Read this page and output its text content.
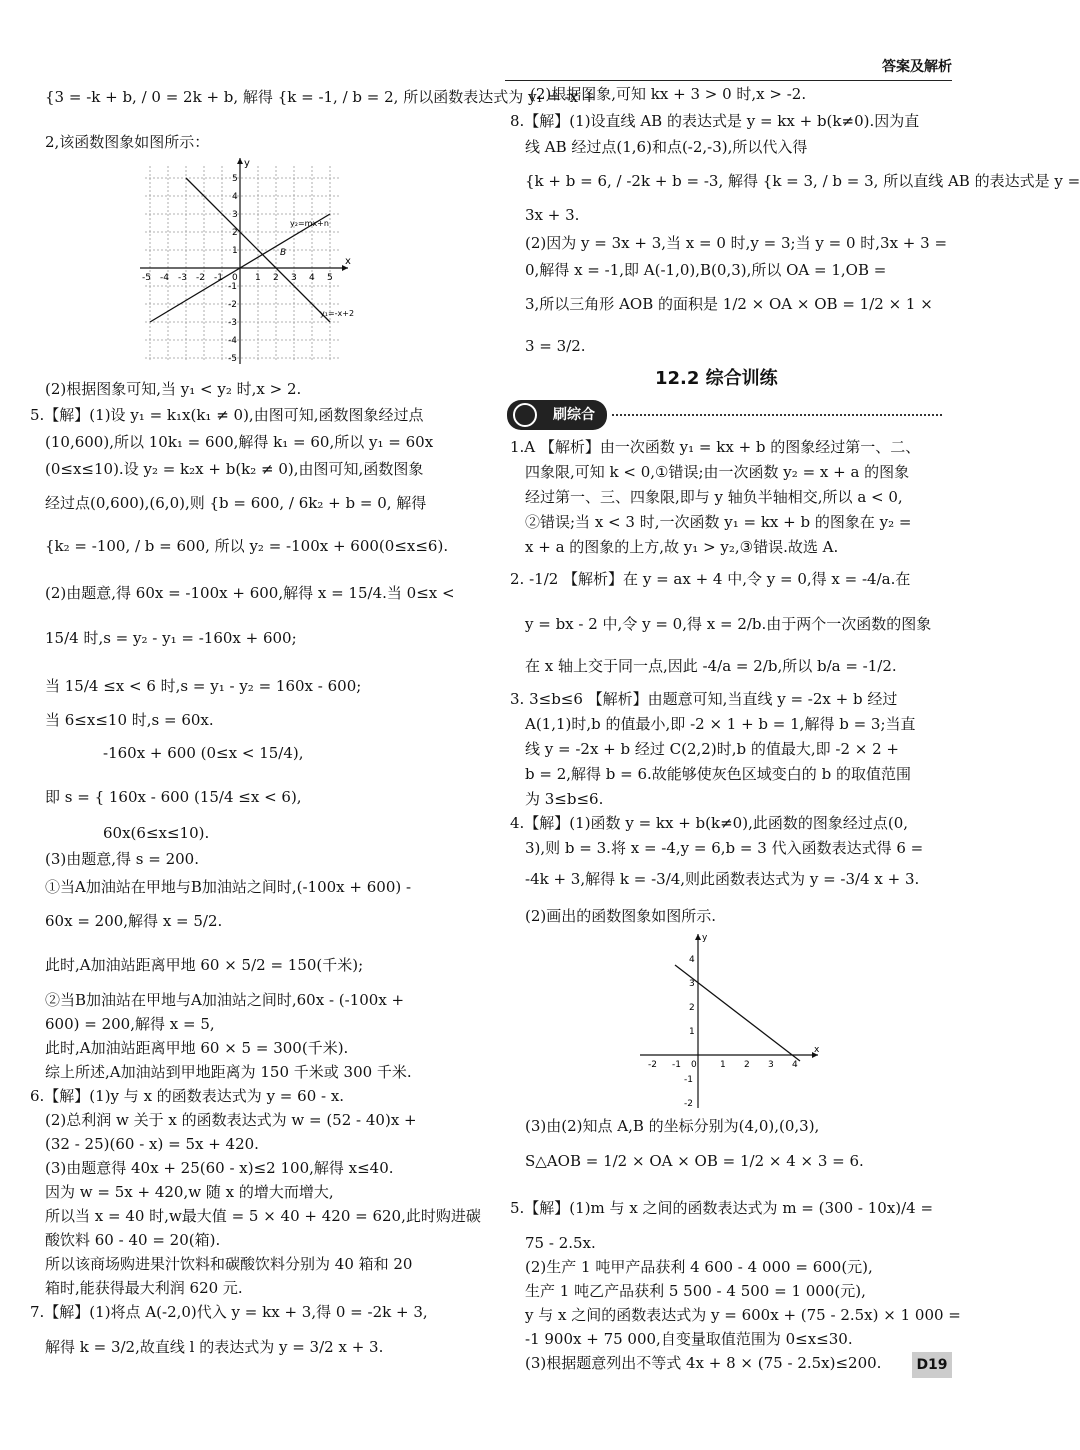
答案及解析
{3 = -k + b, / 0 = 2k + b, 解得 {k = -1, / b = 2, 所以函数表达式为 y₁ = -x +
2,该函数图象如图所示：
x
y
y₂=mx+n
y₁=-x+2
B
-5 -4 -3 -2 -1 0 1 2 3 4 5
5
4
3
2
1
-1
-2
-3
-4
-5
(2)根据图象可知,当 y₁ < y₂ 时,x > 2.
5.【解】(1)设 y₁ = k₁x(k₁ ≠ 0),由图可知,函数图象经过点
(10,600),所以 10k₁ = 600,解得 k₁ = 60,所以 y₁ = 60x
(0≤x≤10).设 y₂ = k₂x + b(k₂ ≠ 0),由图可知,函数图象
经过点(0,600),(6,0),则 {b = 600, / 6k₂ + b = 0, 解得
{k₂ = -100, / b = 600, 所以 y₂ = -100x + 600(0≤x≤6).
(2)由题意,得 60x = -100x + 600,解得 x = 15/4.当 0≤x <
15/4 时,s = y₂ - y₁ = -160x + 600;
当 15/4 ≤x < 6 时,s = y₁ - y₂ = 160x - 600;
当 6≤x≤10 时,s = 60x.
-160x + 600 (0≤x < 15/4),
即 s = { 160x - 600 (15/4 ≤x < 6),
60x(6≤x≤10).
(3)由题意,得 s = 200.
①当A加油站在甲地与B加油站之间时,(-100x + 600) -
60x = 200,解得 x = 5/2.
此时,A加油站距离甲地 60 × 5/2 = 150(千米);
②当B加油站在甲地与A加油站之间时,60x - (-100x +
600) = 200,解得 x = 5,
此时,A加油站距离甲地 60 × 5 = 300(千米).
综上所述,A加油站到甲地距离为 150 千米或 300 千米.
6.【解】(1)y 与 x 的函数表达式为 y = 60 - x.
(2)总利润 w 关于 x 的函数表达式为 w = (52 - 40)x +
(32 - 25)(60 - x) = 5x + 420.
(3)由题意得 40x + 25(60 - x)≤2 100,解得 x≤40.
因为 w = 5x + 420,w 随 x 的增大而增大,
所以当 x = 40 时,w最大值 = 5 × 40 + 420 = 620,此时购进碳
酸饮料 60 - 40 = 20(箱).
所以该商场购进果汁饮料和碳酸饮料分别为 40 箱和 20
箱时,能获得最大利润 620 元.
7.【解】(1)将点 A(-2,0)代入 y = kx + 3,得 0 = -2k + 3,
解得 k = 3/2,故直线 l 的表达式为 y = 3/2 x + 3.
(2)根据图象,可知 kx + 3 > 0 时,x > -2.
8.【解】(1)设直线 AB 的表达式是 y = kx + b(k≠0).因为直
线 AB 经过点(1,6)和点(-2,-3),所以代入得
{k + b = 6, / -2k + b = -3, 解得 {k = 3, / b = 3, 所以直线 AB 的表达式是 y =
3x + 3.
(2)因为 y = 3x + 3,当 x = 0 时,y = 3;当 y = 0 时,3x + 3 =
0,解得 x = -1,即 A(-1,0),B(0,3),所以 OA = 1,OB =
3,所以三角形 AOB 的面积是 1/2 × OA × OB = 1/2 × 1 ×
3 = 3/2.
12.2 综合训练
刷综合
1.A 【解析】由一次函数 y₁ = kx + b 的图象经过第一、二、
四象限,可知 k < 0,①错误;由一次函数 y₂ = x + a 的图象
经过第一、三、四象限,即与 y 轴负半轴相交,所以 a < 0,
②错误;当 x < 3 时,一次函数 y₁ = kx + b 的图象在 y₂ =
x + a 的图象的上方,故 y₁ > y₂,③错误.故选 A.
2. -1/2 【解析】在 y = ax + 4 中,令 y = 0,得 x = -4/a.在
y = bx - 2 中,令 y = 0,得 x = 2/b.由于两个一次函数的图象
在 x 轴上交于同一点,因此 -4/a = 2/b,所以 b/a = -1/2.
3. 3≤b≤6 【解析】由题意可知,当直线 y = -2x + b 经过
A(1,1)时,b 的值最小,即 -2 × 1 + b = 1,解得 b = 3;当直
线 y = -2x + b 经过 C(2,2)时,b 的值最大,即 -2 × 2 +
b = 2,解得 b = 6.故能够使灰色区域变白的 b 的取值范围
为 3≤b≤6.
4.【解】(1)函数 y = kx + b(k≠0),此函数的图象经过点(0,
3),则 b = 3.将 x = -4,y = 6,b = 3 代入函数表达式得 6 =
-4k + 3,解得 k = -3/4,则此函数表达式为 y = -3/4 x + 3.
(2)画出的函数图象如图所示.
x
y
-2 -1 0	1 2 3 4
4
3
2
1
-1
-2
(3)由(2)知点 A,B 的坐标分别为(4,0),(0,3),
S△AOB = 1/2 × OA × OB = 1/2 × 4 × 3 = 6.
5.【解】(1)m 与 x 之间的函数表达式为 m = (300 - 10x)/4 =
75 - 2.5x.
(2)生产 1 吨甲产品获利 4 600 - 4 000 = 600(元),
生产 1 吨乙产品获利 5 500 - 4 500 = 1 000(元),
y 与 x 之间的函数表达式为 y = 600x + (75 - 2.5x) × 1 000 =
-1 900x + 75 000,自变量取值范围为 0≤x≤30.
(3)根据题意列出不等式 4x + 8 × (75 - 2.5x)≤200.	D19
